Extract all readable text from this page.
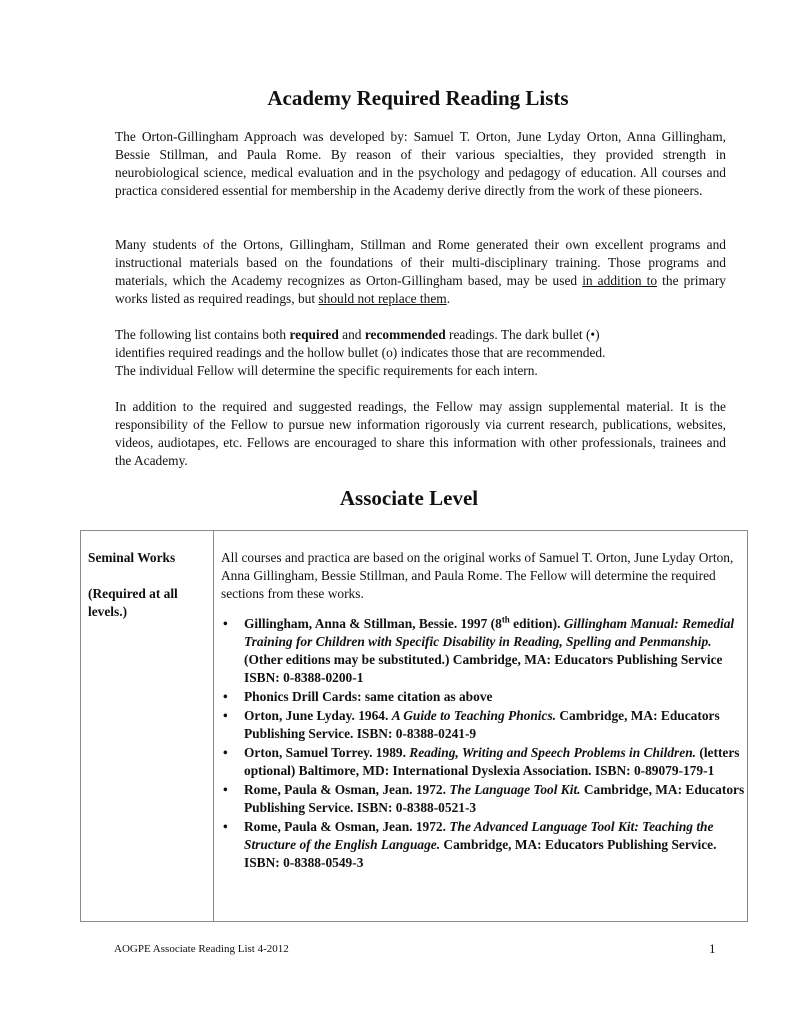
Academy Required Reading Lists

The Orton-Gillingham Approach was developed by: Samuel T. Orton, June Lyday Orton, Anna Gillingham, Bessie Stillman, and Paula Rome. By reason of their various specialties, they provided strength in neurobiological science, medical evaluation and in the psychology and pedagogy of education. All courses and practica considered essential for membership in the Academy derive directly from the work of these pioneers.

Many students of the Ortons, Gillingham, Stillman and Rome generated their own excellent programs and instructional materials based on the foundations of their multi-disciplinary training. Those programs and materials, which the Academy recognizes as Orton-Gillingham based, may be used in addition to the primary works listed as required readings, but should not replace them.

The following list contains both required and recommended readings. The dark bullet (•)
identifies required readings and the hollow bullet (o) indicates those that are recommended.
The individual Fellow will determine the specific requirements for each intern.

In addition to the required and suggested readings, the Fellow may assign supplemental material. It is the responsibility of the Fellow to pursue new information rigorously via current research, publications, websites, videos, audiotapes, etc. Fellows are encouraged to share this information with other professionals, trainees and the Academy.

Associate Level
Seminal Works
(Required at all levels.)

All courses and practica are based on the original works of Samuel T. Orton, June Lyday Orton, Anna Gillingham, Bessie Stillman, and Paula Rome. The Fellow will determine the required sections from these works.

• Gillingham, Anna & Stillman, Bessie. 1997 (8th edition). Gillingham Manual: Remedial Training for Children with Specific Disability in Reading, Spelling and Penmanship. (Other editions may be substituted.) Cambridge, MA: Educators Publishing Service ISBN: 0-8388-0200-1
• Phonics Drill Cards: same citation as above
• Orton, June Lyday. 1964. A Guide to Teaching Phonics. Cambridge, MA: Educators Publishing Service. ISBN: 0-8388-0241-9
• Orton, Samuel Torrey. 1989. Reading, Writing and Speech Problems in Children. (letters optional) Baltimore, MD: International Dyslexia Association. ISBN: 0-89079-179-1
• Rome, Paula & Osman, Jean. 1972. The Language Tool Kit. Cambridge, MA: Educators Publishing Service. ISBN: 0-8388-0521-3
• Rome, Paula & Osman, Jean. 1972. The Advanced Language Tool Kit: Teaching the Structure of the English Language. Cambridge, MA: Educators Publishing Service. ISBN: 0-8388-0549-3
AOGPE Associate Reading List 4-2012	1
